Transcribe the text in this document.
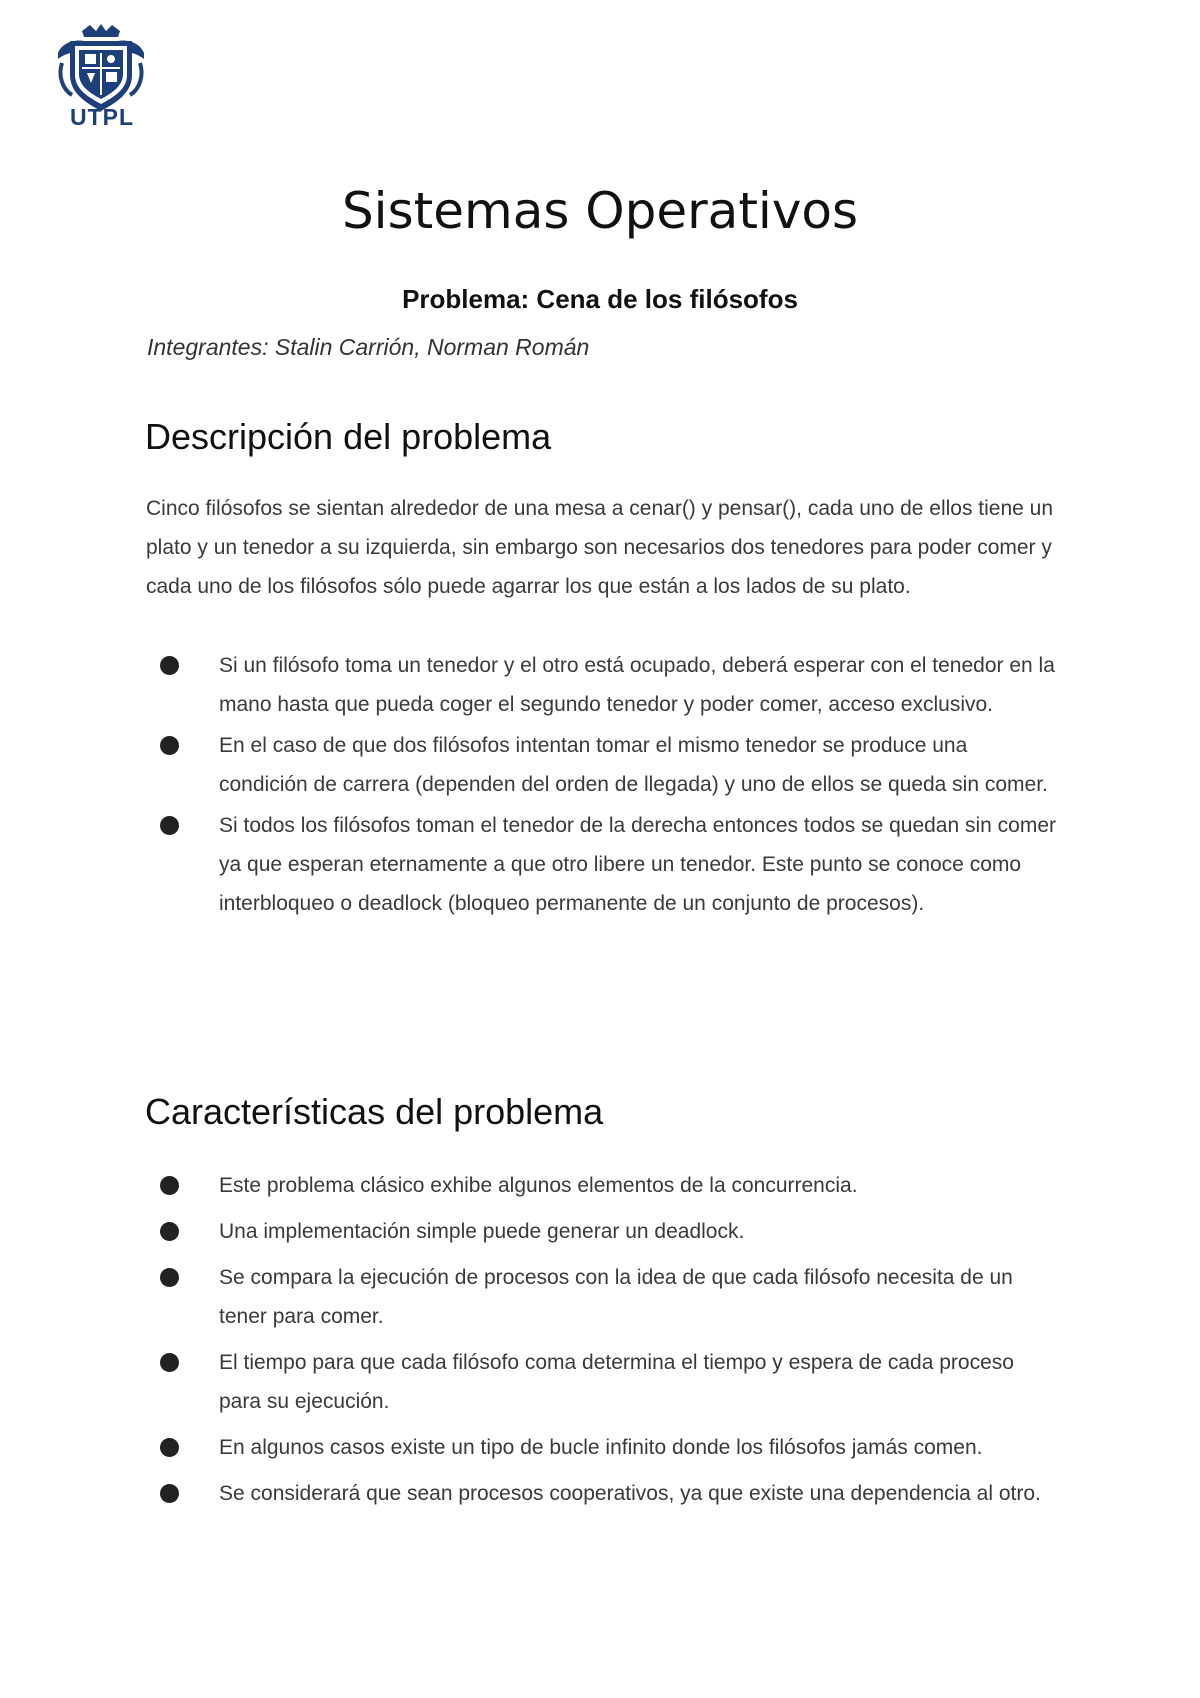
UTPL
Sistemas Operativos
Problema: Cena de los filósofos
Integrantes: Stalin Carrión, Norman Román
Descripción del problema
Cinco filósofos se sientan alrededor de una mesa a cenar() y pensar(), cada uno de ellos tiene un plato y un tenedor a su izquierda, sin embargo son necesarios dos tenedores para poder comer y cada uno de los filósofos sólo puede agarrar los que están a los lados de su plato.
Si un filósofo toma un tenedor y el otro está ocupado, deberá esperar con el tenedor en la mano hasta que pueda coger el segundo tenedor y poder comer, acceso exclusivo.
En el caso de que dos filósofos intentan tomar el mismo tenedor se produce una condición de carrera (dependen del orden de llegada) y uno de ellos se queda sin comer.
Si todos los filósofos toman el tenedor de la derecha entonces todos se quedan sin comer ya que esperan eternamente a que otro libere un tenedor. Este punto se conoce como interbloqueo o deadlock (bloqueo permanente de un conjunto de procesos).
Características del problema
Este problema clásico exhibe algunos elementos de la concurrencia.
Una implementación simple puede generar un deadlock.
Se compara la ejecución de procesos con la idea de que cada filósofo necesita de un tener para comer.
El tiempo para que cada filósofo coma determina el tiempo y espera de cada proceso para su ejecución.
En algunos casos existe un tipo de bucle infinito donde los filósofos jamás comen.
Se considerará que sean procesos cooperativos, ya que existe una dependencia al otro.
